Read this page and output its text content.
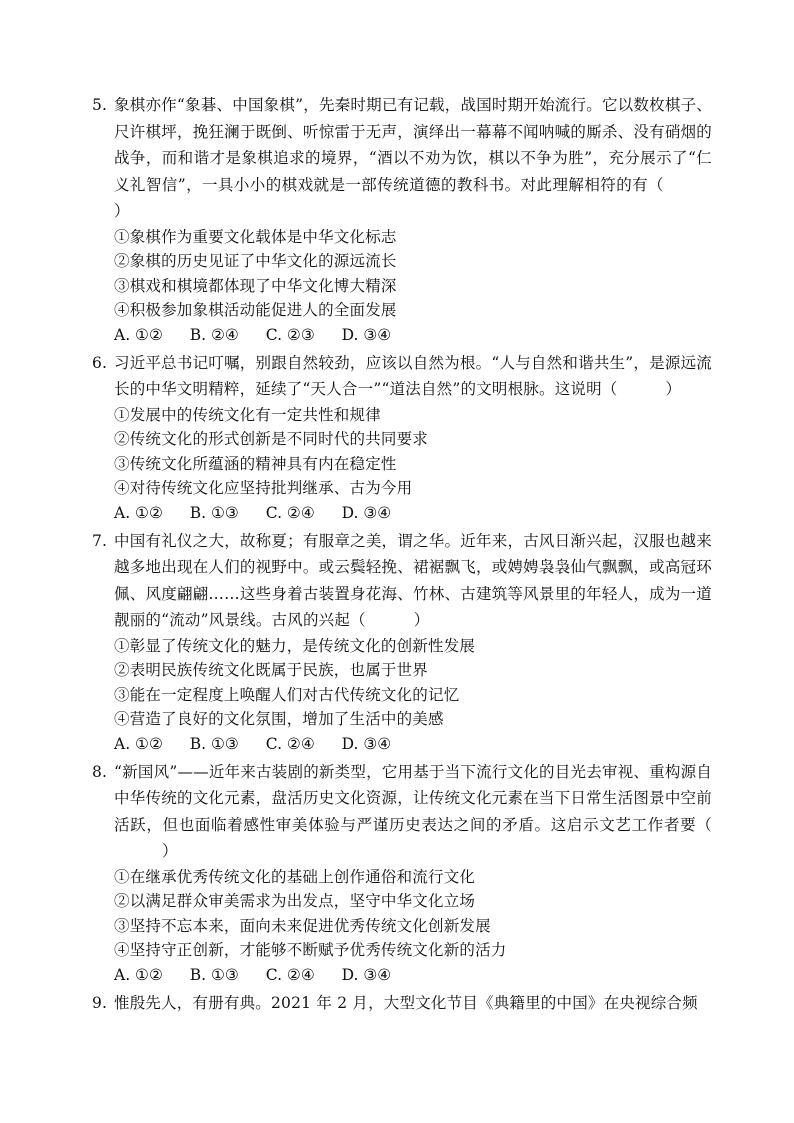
5. 象棋亦作“象碁、中国象棋”，先秦时期已有记载，战国时期开始流行。它以数枚棋子、尺许棋坪，挽狂澜于既倒、听惊雷于无声，演绎出一幕幕不闻呐喊的厮杀、没有硝烟的战争，而和谐才是象棋追求的境界，“酒以不劝为饮，棋以不争为胜”，充分展示了“仁义礼智信”，一具小小的棋戏就是一部传统道德的教科书。对此理解相符的有（）
①象棋作为重要文化载体是中华文化标志
②象棋的历史见证了中华文化的源远流长
③棋戏和棋境都体现了中华文化博大精深
④积极参加象棋活动能促进人的全面发展
A. ①② B. ②④ C. ②③ D. ③④
6. 习近平总书记叮嘱，别跟自然较劲，应该以自然为根。“人与自然和谐共生”，是源远流长的中华文明精粹，延续了“天人合一”“道法自然”的文明根脉。这说明（	）
①发展中的传统文化有一定共性和规律
②传统文化的形式创新是不同时代的共同要求
③传统文化所蕴涵的精神具有内在稳定性
④对待传统文化应坚持批判继承、古为今用
A. ①② B. ①③ C. ②④ D. ③④
7. 中国有礼仪之大，故称夏；有服章之美，谓之华。近年来，古风日渐兴起，汉服也越来越多地出现在人们的视野中。或云鬓轻挽、裙裾飘飞，或娉娉袅袅仙气飘飘，或高冠环佩、风度翩翩……这些身着古装置身花海、竹林、古建筑等风景里的年轻人，成为一道靓丽的“流动”风景线。古风的兴起（	）
①彰显了传统文化的魅力，是传统文化的创新性发展
②表明民族传统文化既属于民族，也属于世界
③能在一定程度上唤醒人们对古代传统文化的记忆
④营造了良好的文化氛围，增加了生活中的美感
A. ①② B. ①③ C. ②④ D. ③④
8. “新国风”——近年来古装剧的新类型，它用基于当下流行文化的目光去审视、重构源自中华传统的文化元素，盘活历史文化资源，让传统文化元素在当下日常生活图景中空前活跃，但也面临着感性审美体验与严谨历史表达之间的矛盾。这启示文艺工作者要（）
①在继承优秀传统文化的基础上创作通俗和流行文化
②以满足群众审美需求为出发点，坚守中华文化立场
③坚持不忘本来，面向未来促进优秀传统文化创新发展
④坚持守正创新，才能够不断赋予优秀传统文化新的活力
A. ①② B. ①③ C. ②④ D. ③④
9. 惟殷先人，有册有典。2021 年 2 月，大型文化节目《典籍里的中国》在央视综合频
